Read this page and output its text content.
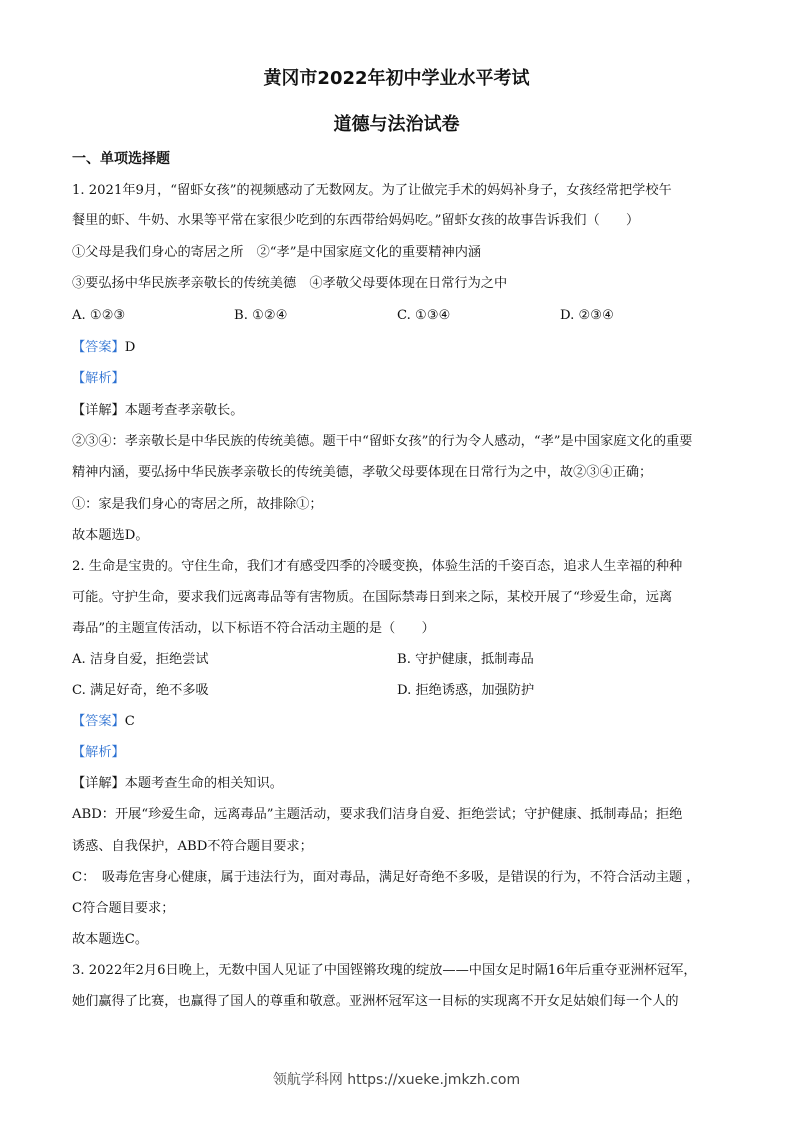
黄冈市2022年初中学业水平考试
道德与法治试卷
一、单项选择题
1. 2021年9月，“留虾女孩”的视频感动了无数网友。为了让做完手术的妈妈补身子，女孩经常把学校午
餐里的虾、牛奶、水果等平常在家很少吃到的东西带给妈妈吃。”留虾女孩的故事告诉我们（　　）
①父母是我们身心的寄居之所　②“孝”是中国家庭文化的重要精神内涵
③要弘扬中华民族孝亲敬长的传统美德　④孝敬父母要体现在日常行为之中
A. ①②③	B. ①②④	C. ①③④	D. ②③④
【答案】D
【解析】
【详解】本题考查孝亲敬长。
②③④：孝亲敬长是中华民族的传统美德。题干中“留虾女孩”的行为令人感动，“孝”是中国家庭文化的重要
精神内涵，要弘扬中华民族孝亲敬长的传统美德，孝敬父母要体现在日常行为之中，故②③④正确；
①：家是我们身心的寄居之所，故排除①；
故本题选D。
2. 生命是宝贵的。守住生命，我们才有感受四季的冷暖变换，体验生活的千姿百态，追求人生幸福的种种
可能。守护生命，要求我们远离毒品等有害物质。在国际禁毒日到来之际，某校开展了“珍爱生命，远离
毒品”的主题宣传活动，以下标语不符合活动主题的是（　　）
A. 洁身自爱，拒绝尝试	B. 守护健康，抵制毒品
C. 满足好奇，绝不多吸	D. 拒绝诱惑，加强防护
【答案】C
【解析】
【详解】本题考查生命的相关知识。
ABD：开展“珍爱生命，远离毒品”主题活动，要求我们洁身自爱、拒绝尝试；守护健康、抵制毒品；拒绝
诱惑、自我保护，ABD不符合题目要求；
C：　吸毒危害身心健康，属于违法行为，面对毒品，满足好奇绝不多吸，是错误的行为，不符合活动主题 ，
C符合题目要求；
故本题选C。
3. 2022年2月6日晚上，无数中国人见证了中国铿锵玫瑰的绽放——中国女足时隔16年后重夺亚洲杯冠军，
她们赢得了比赛，也赢得了国人的尊重和敬意。亚洲杯冠军这一目标的实现离不开女足姑娘们每一个人的
领航学科网 https://xueke.jmkzh.com
